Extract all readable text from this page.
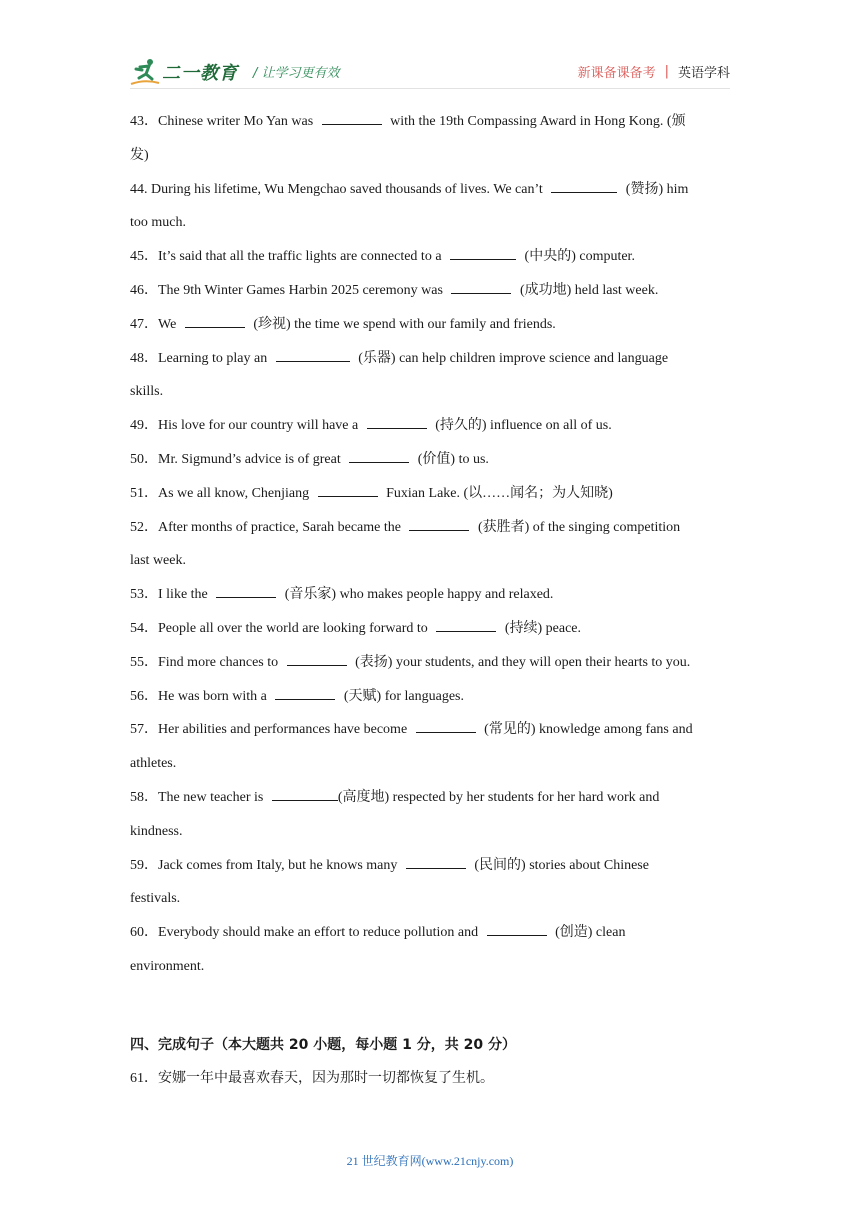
二一教育 / 让学习更有效	新课备课备考 | 英语学科

43．Chinese writer Mo Yan was	with the 19th Compassing Award in Hong Kong. (颁
发)

44. During his lifetime, Wu Mengchao saved thousands of lives. We can’t	(赞扬) him
too much.

45．It’s said that all the traffic lights are connected to a	(中央的) computer.

46．The 9th Winter Games Harbin 2025 ceremony was	(成功地) held last week.

47．We	(珍视) the time we spend with our family and friends.

48．Learning to play an	(乐器) can help children improve science and language
skills.

49．His love for our country will have a	(持久的) influence on all of us.

50．Mr. Sigmund’s advice is of great	(价值) to us.

51．As we all know, Chenjiang	Fuxian Lake. (以……闻名；为人知晓)

52．After months of practice, Sarah became the	(获胜者) of the singing competition
last week.

53．I like the	(音乐家) who makes people happy and relaxed.

54．People all over the world are looking forward to	(持续) peace.

55．Find more chances to	(表扬) your students, and they will open their hearts to you.

56．He was born with a	(天赋) for languages.

57．Her abilities and performances have become	(常见的) knowledge among fans and
athletes.

58．The new teacher is	(高度地) respected by her students for her hard work and
kindness.

59．Jack comes from Italy, but he knows many	(民间的) stories about Chinese
festivals.

60．Everybody should make an effort to reduce pollution and	(创造) clean
environment.

四、完成句子（本大题共 20 小题，每小题 1 分，共 20 分）
61．安娜一年中最喜欢春天，因为那时一切都恢复了生机。
21 世纪教育网(www.21cnjy.com)
